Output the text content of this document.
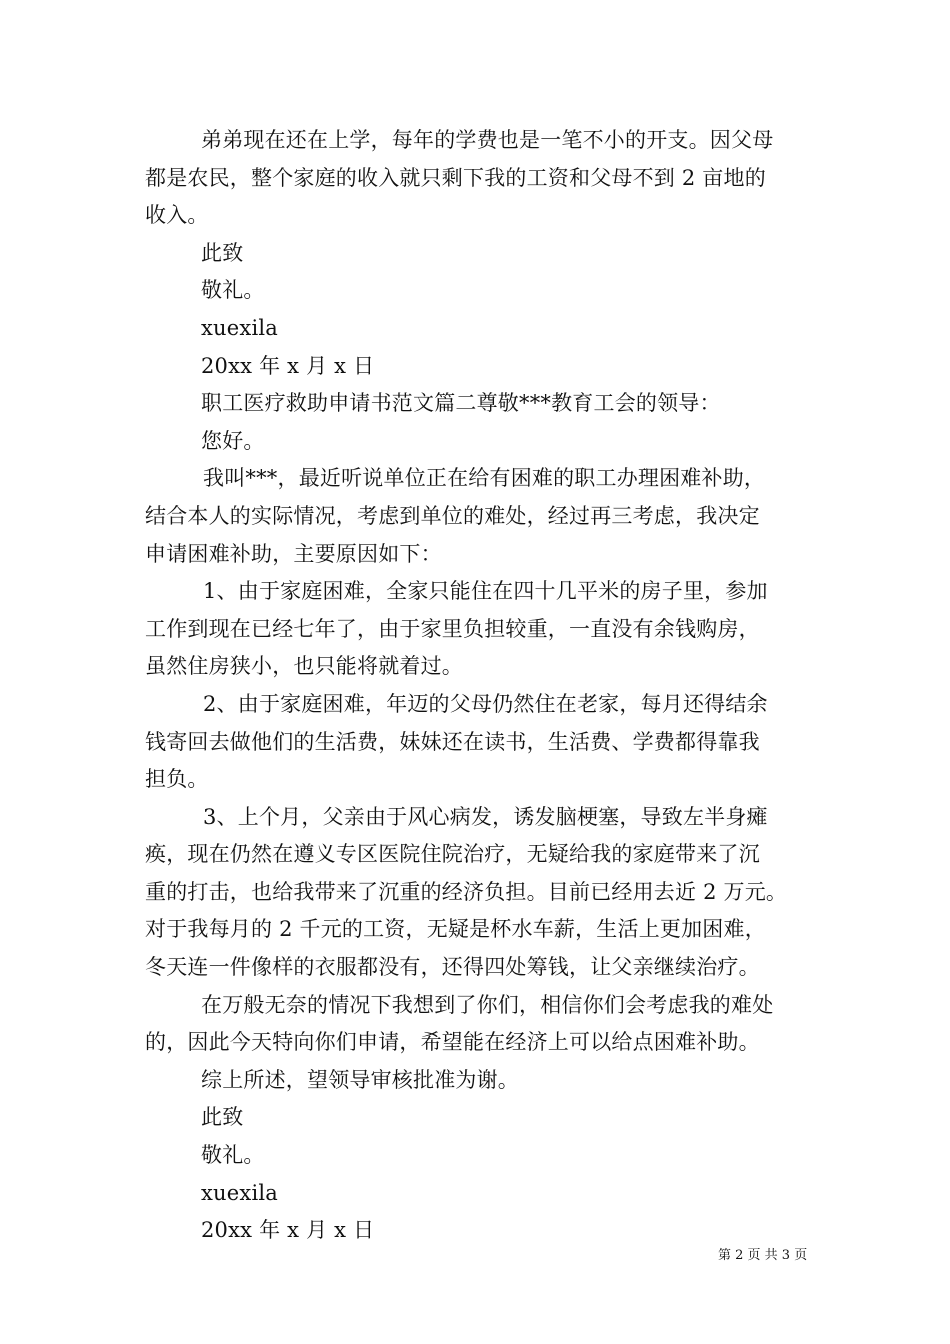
弟弟现在还在上学，每年的学费也是一笔不小的开支。因父母
都是农民，整个家庭的收入就只剩下我的工资和父母不到 2 亩地的
收入。
此致
敬礼。
xuexila
20xx 年 x 月 x 日
职工医疗救助申请书范文篇二尊敬***教育工会的领导：
您好。
我叫***，最近听说单位正在给有困难的职工办理困难补助，
结合本人的实际情况，考虑到单位的难处，经过再三考虑，我决定
申请困难补助，主要原因如下：
1、由于家庭困难，全家只能住在四十几平米的房子里，参加
工作到现在已经七年了，由于家里负担较重，一直没有余钱购房，
虽然住房狭小，也只能将就着过。
2、由于家庭困难，年迈的父母仍然住在老家，每月还得结余
钱寄回去做他们的生活费，妹妹还在读书，生活费、学费都得靠我
担负。
3、上个月，父亲由于风心病发，诱发脑梗塞，导致左半身瘫
痪，现在仍然在遵义专区医院住院治疗，无疑给我的家庭带来了沉
重的打击，也给我带来了沉重的经济负担。目前已经用去近 2 万元。
对于我每月的 2 千元的工资，无疑是杯水车薪，生活上更加困难，
冬天连一件像样的衣服都没有，还得四处筹钱，让父亲继续治疗。
在万般无奈的情况下我想到了你们，相信你们会考虑我的难处
的，因此今天特向你们申请，希望能在经济上可以给点困难补助。
综上所述，望领导审核批准为谢。
此致
敬礼。
xuexila
20xx 年 x 月 x 日
第 2 页 共 3 页
